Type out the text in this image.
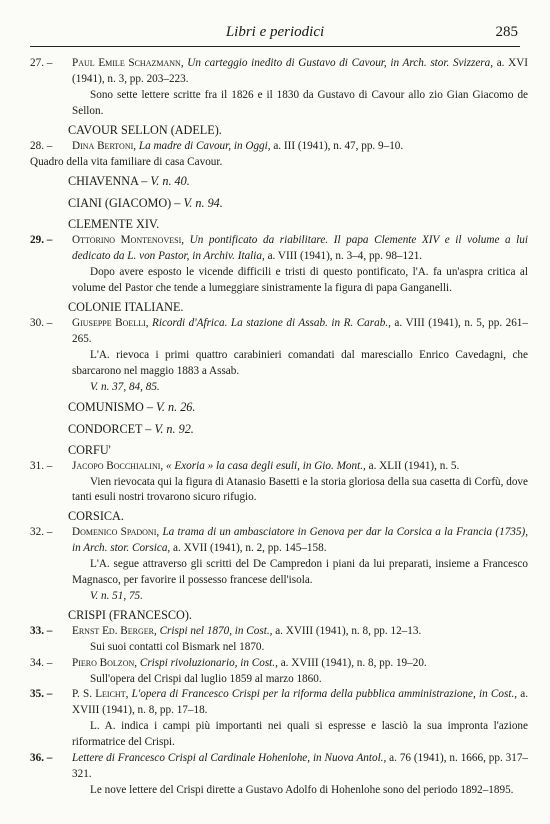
Libri e periodici	285
27. – Paul Emile Schazmann, Un carteggio inedito di Gustavo di Cavour, in Arch. stor. Svizzera, a. XVI (1941), n. 3, pp. 203–223.
Sono sette lettere scritte fra il 1826 e il 1830 da Gustavo di Cavour allo zio Gian Giacomo de Sellon.
CAVOUR SELLON (ADELE).
28. – Dina Bertoni, La madre di Cavour, in Oggi, a. III (1941), n. 47, pp. 9–10.
Quadro della vita familiare di casa Cavour.
CHIAVENNA – V. n. 40.
CIANI (GIACOMO) – V. n. 94.
CLEMENTE XIV.
29. – Ottorino Montenovesi, Un pontificato da riabilitare. Il papa Clemente XIV e il volume a lui dedicato da L. von Pastor, in Archiv. Italia, a. VIII (1941), n. 3–4, pp. 98–121.
Dopo avere esposto le vicende difficili e tristi di questo pontificato, l'A. fa un'aspra critica al volume del Pastor che tende a lumeggiare sinistramente la figura di papa Ganganelli.
COLONIE ITALIANE.
30. – Giuseppe Boelli, Ricordi d'Africa. La stazione di Assab. in R. Carab., a. VIII (1941), n. 5, pp. 261–265.
L'A. rievoca i primi quattro carabinieri comandati dal maresciallo Enrico Cavedagni, che sbarcarono nel maggio 1883 a Assab.
V. n. 37, 84, 85.
COMUNISMO – V. n. 26.
CONDORCET – V. n. 92.
CORFU'
31. – Jacopo Bocchialini, « Exoria » la casa degli esuli, in Gio. Mont., a. XLII (1941), n. 5.
Vien rievocata qui la figura di Atanasio Basetti e la storia gloriosa della sua casetta di Corfù, dove tanti esuli nostri trovarono sicuro rifugio.
CORSICA.
32. – Domenico Spadoni, La trama di un ambasciatore in Genova per dar la Corsica a la Francia (1735), in Arch. stor. Corsica, a. XVII (1941), n. 2, pp. 145–158.
L'A. segue attraverso gli scritti del De Campredon i piani da lui preparati, insieme a Francesco Magnasco, per favorire il possesso francese dell'isola.
V. n. 51, 75.
CRISPI (FRANCESCO).
33. – Ernst Ed. Berger, Crispi nel 1870, in Cost., a. XVIII (1941), n. 8, pp. 12–13.
Sui suoi contatti col Bismark nel 1870.
34. – Piero Bolzon, Crispi rivoluzionario, in Cost., a. XVIII (1941), n. 8, pp. 19–20.
Sull'opera del Crispi dal luglio 1859 al marzo 1860.
35. – P. S. Leicht, L'opera di Francesco Crispi per la riforma della pubblica amministrazione, in Cost., a. XVIII (1941), n. 8, pp. 17–18.
L. A. indica i campi più importanti nei quali si espresse e lasciò la sua impronta l'azione riformatrice del Crispi.
36. – Lettere di Francesco Crispi al Cardinale Hohenlohe, in Nuova Antol., a. 76 (1941), n. 1666, pp. 317–321.
Le nove lettere del Crispi dirette a Gustavo Adolfo di Hohenlohe sono del periodo 1892–1895.
